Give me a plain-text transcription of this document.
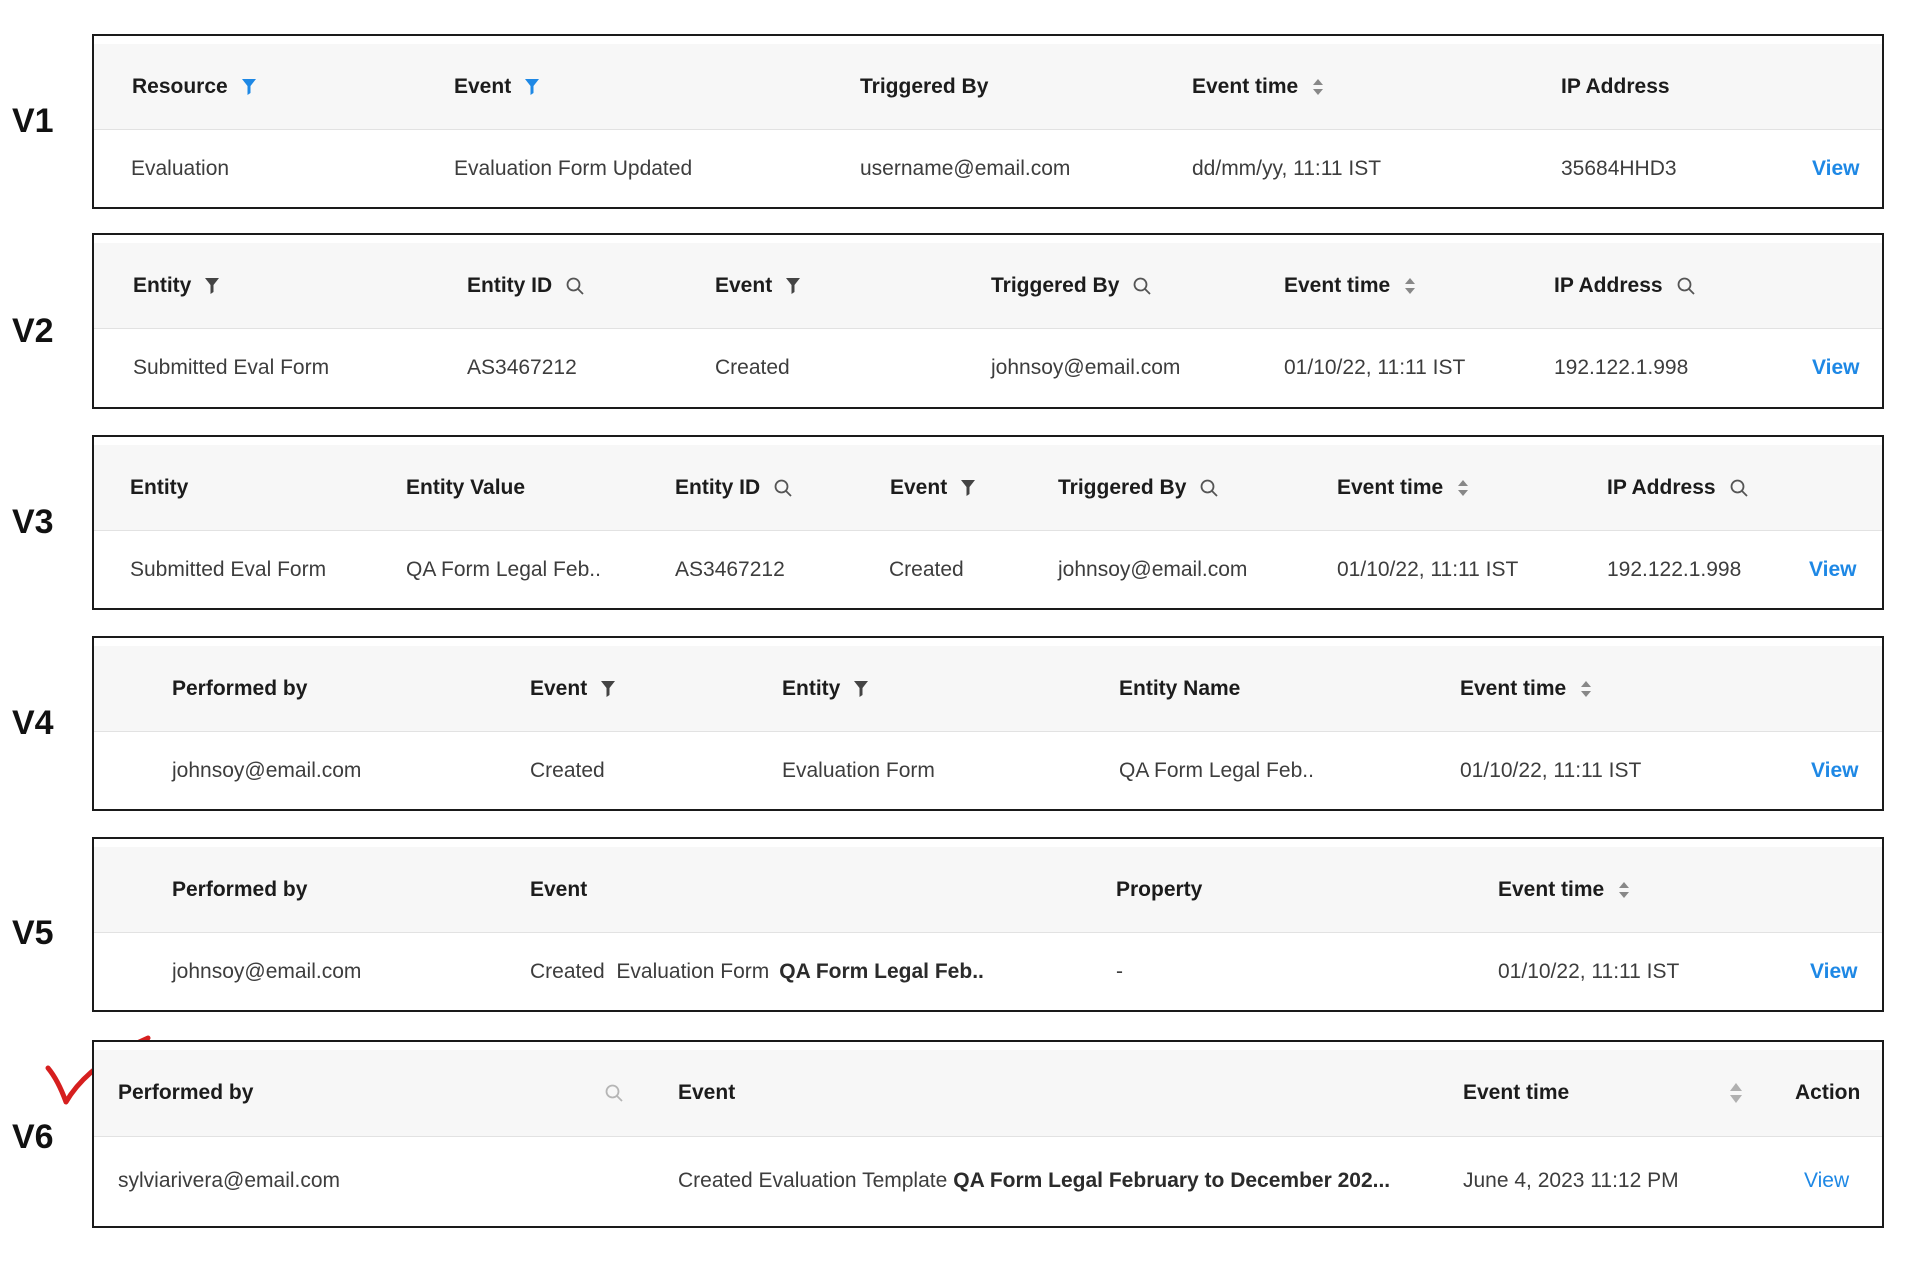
V1
Resource	Event	Triggered By	Event time	IP Address
Evaluation	Evaluation Form Updated	username@email.com	dd/mm/yy, 11:11 IST	35684HHD3	View
V2
Entity	Entity ID	Event	Triggered By	Event time	IP Address
Submitted Eval Form	AS3467212	Created	johnsoy@email.com	01/10/22, 11:11 IST	192.122.1.998	View
V3
Entity	Entity Value	Entity ID	Event	Triggered By	Event time	IP Address
Submitted Eval Form	QA Form Legal Feb..	AS3467212	Created	johnsoy@email.com	01/10/22, 11:11 IST	192.122.1.998	View
V4
Performed by	Event	Entity	Entity Name	Event time
johnsoy@email.com	Created	Evaluation Form	QA Form Legal Feb..	01/10/22, 11:11 IST	View
V5
Performed by	Event	Property	Event time
johnsoy@email.com	Created  Evaluation Form QA Form Legal Feb..	-	01/10/22, 11:11 IST	View
V6
Performed by	Event	Event time	Action
sylviarivera@email.com	Created Evaluation Template QA Form Legal February to December 202...	June 4, 2023 11:12 PM	View
